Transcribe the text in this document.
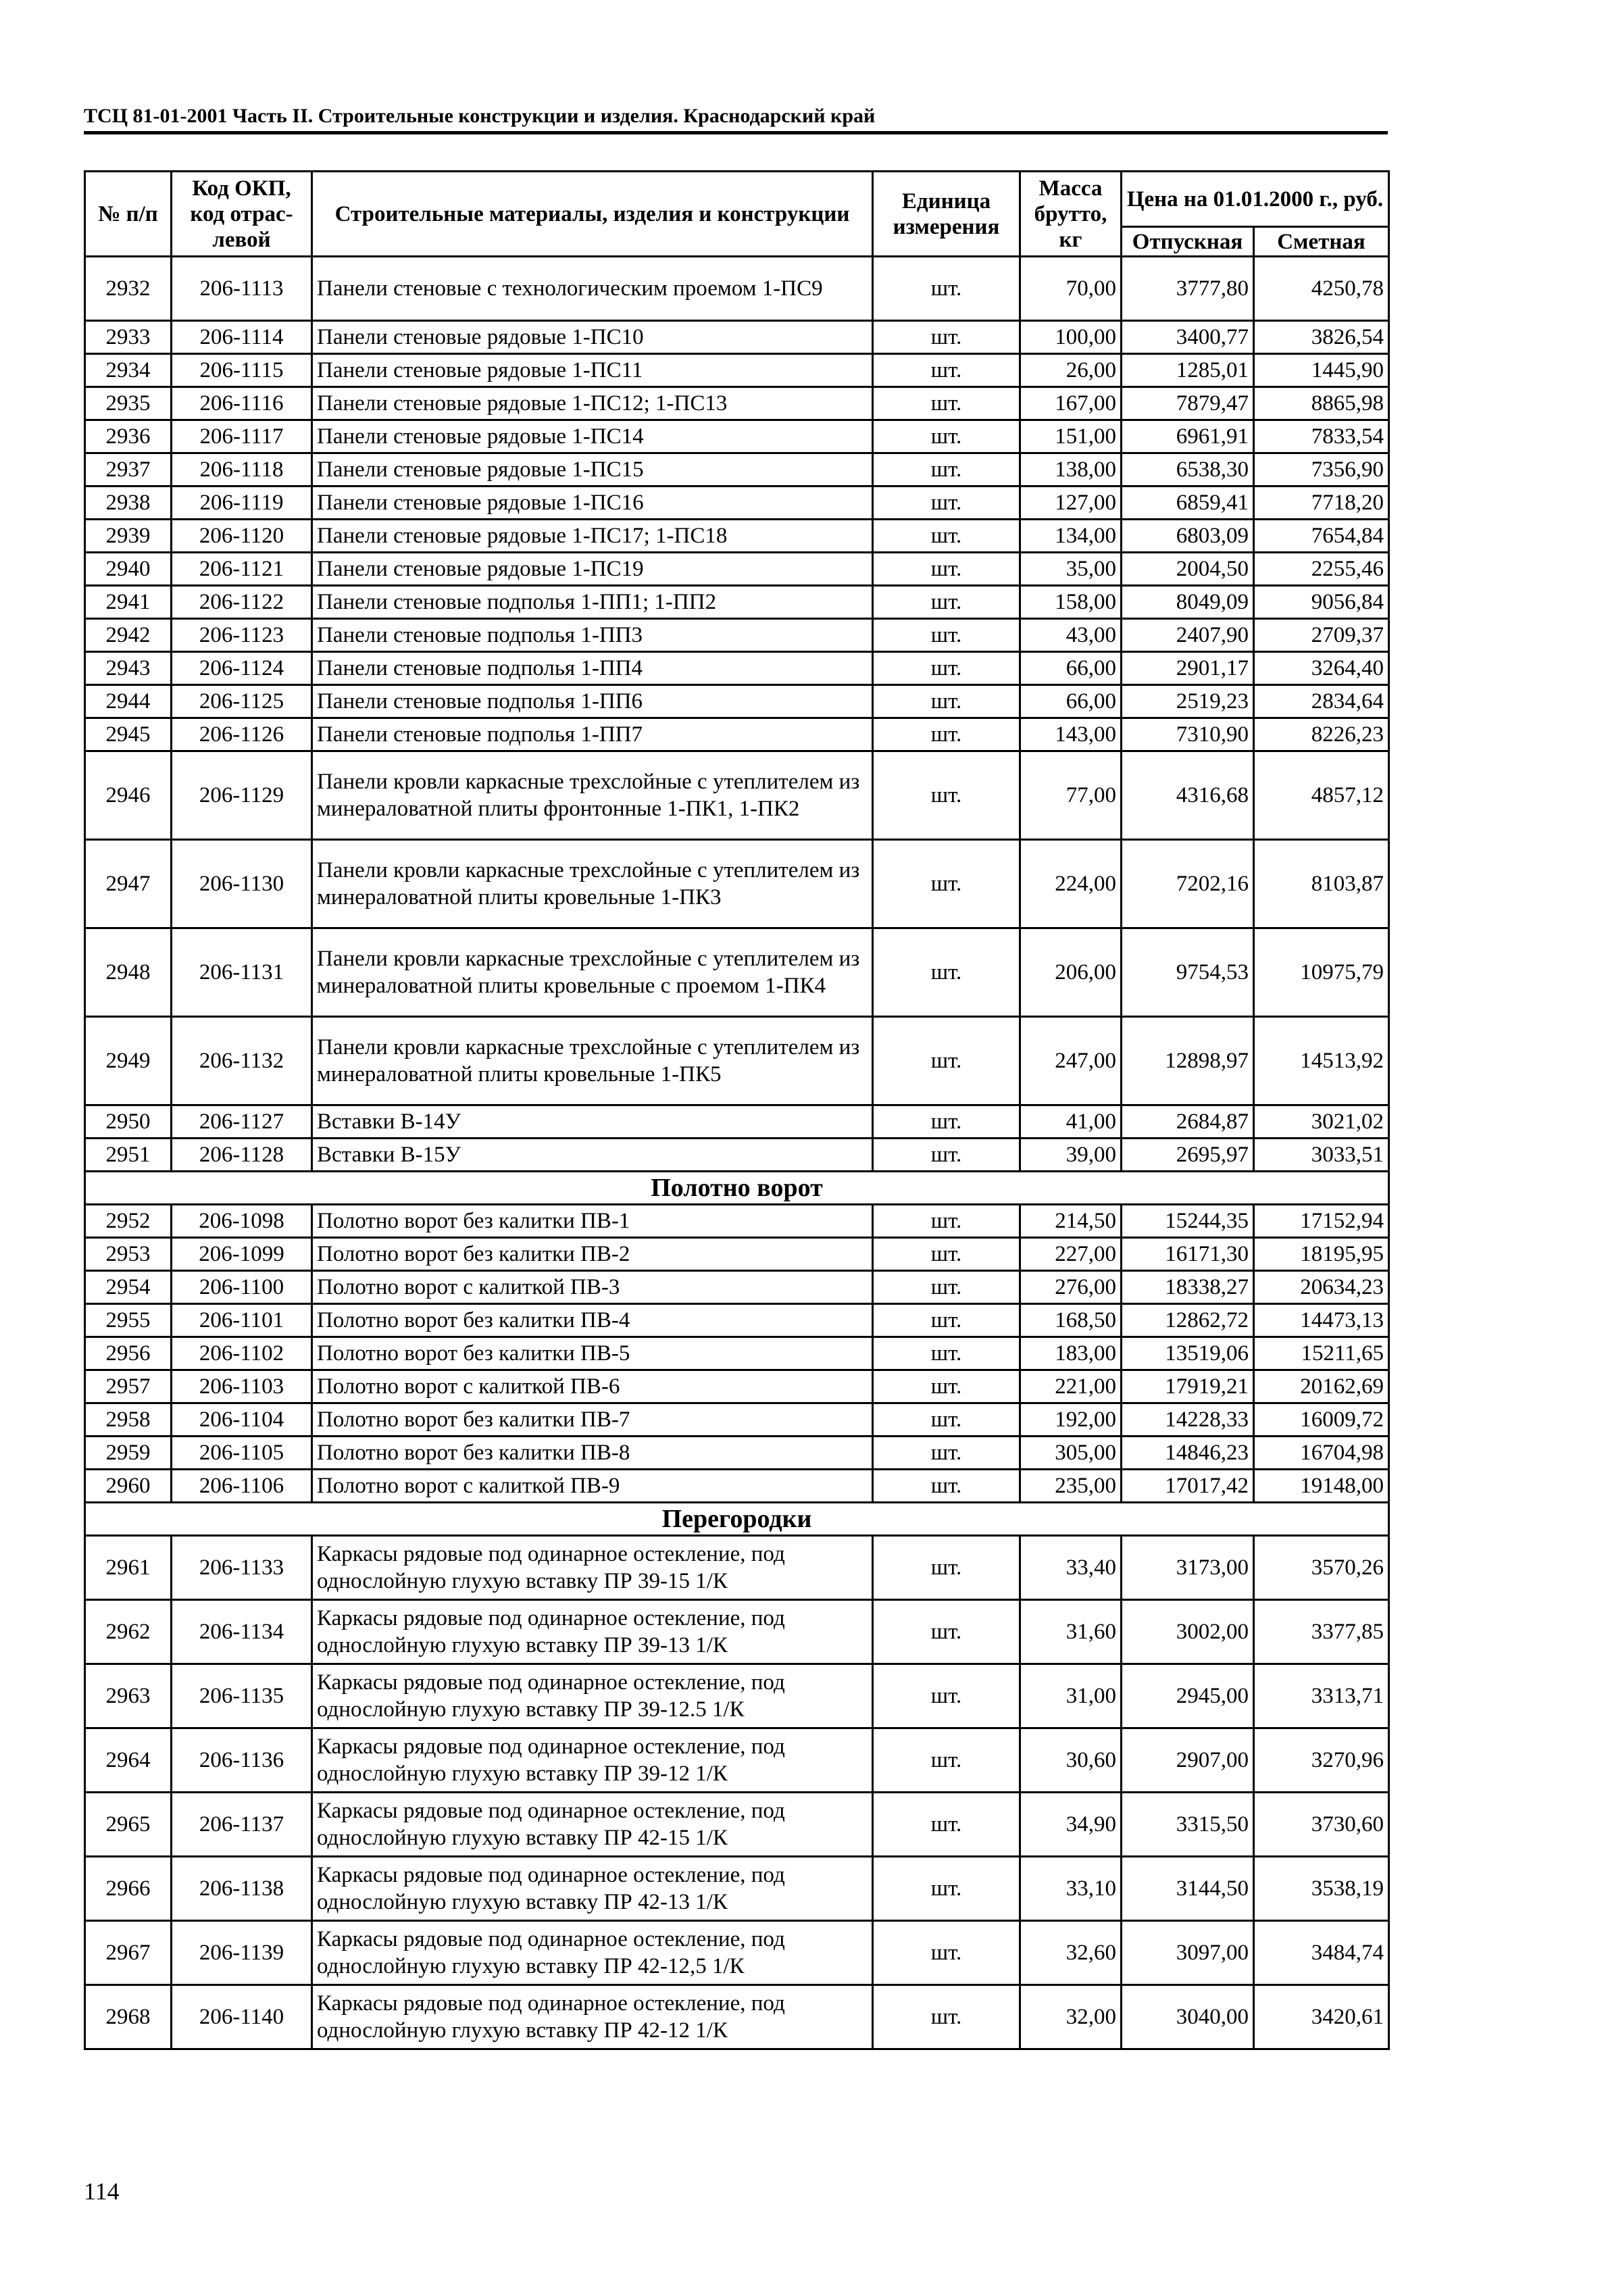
ТСЦ 81-01-2001 Часть II. Строительные конструкции и изделия. Краснодарский край
№ п/п	Код ОКП, код отрас-левой	Строительные материалы, изделия и конструкции	Единица измерения	Масса брутто, кг	Цена на 01.01.2000 г., руб.	
					Отпускная	Сметная
2932	206-1113	Панели стеновые с технологическим проемом 1-ПС9	шт.	70,00	3777,80	4250,78
2933	206-1114	Панели стеновые рядовые 1-ПС10	шт.	100,00	3400,77	3826,54
2934	206-1115	Панели стеновые рядовые 1-ПС11	шт.	26,00	1285,01	1445,90
2935	206-1116	Панели стеновые рядовые 1-ПС12; 1-ПС13	шт.	167,00	7879,47	8865,98
2936	206-1117	Панели стеновые рядовые 1-ПС14	шт.	151,00	6961,91	7833,54
2937	206-1118	Панели стеновые рядовые 1-ПС15	шт.	138,00	6538,30	7356,90
2938	206-1119	Панели стеновые рядовые 1-ПС16	шт.	127,00	6859,41	7718,20
2939	206-1120	Панели стеновые рядовые 1-ПС17; 1-ПС18	шт.	134,00	6803,09	7654,84
2940	206-1121	Панели стеновые рядовые 1-ПС19	шт.	35,00	2004,50	2255,46
2941	206-1122	Панели стеновые подполья 1-ПП1; 1-ПП2	шт.	158,00	8049,09	9056,84
2942	206-1123	Панели стеновые подполья 1-ПП3	шт.	43,00	2407,90	2709,37
2943	206-1124	Панели стеновые подполья 1-ПП4	шт.	66,00	2901,17	3264,40
2944	206-1125	Панели стеновые подполья 1-ПП6	шт.	66,00	2519,23	2834,64
2945	206-1126	Панели стеновые подполья 1-ПП7	шт.	143,00	7310,90	8226,23
2946	206-1129	Панели кровли каркасные трехслойные с утеплителем из минераловатной плиты фронтонные 1-ПК1, 1-ПК2	шт.	77,00	4316,68	4857,12
2947	206-1130	Панели кровли каркасные трехслойные с утеплителем из минераловатной плиты кровельные 1-ПК3	шт.	224,00	7202,16	8103,87
2948	206-1131	Панели кровли каркасные трехслойные с утеплителем из минераловатной плиты кровельные с проемом 1-ПК4	шт.	206,00	9754,53	10975,79
2949	206-1132	Панели кровли каркасные трехслойные с утеплителем из минераловатной плиты кровельные 1-ПК5	шт.	247,00	12898,97	14513,92
2950	206-1127	Вставки В-14У	шт.	41,00	2684,87	3021,02
2951	206-1128	Вставки В-15У	шт.	39,00	2695,97	3033,51
Полотно ворот						
2952	206-1098	Полотно ворот без калитки ПВ-1	шт.	214,50	15244,35	17152,94
2953	206-1099	Полотно ворот без калитки ПВ-2	шт.	227,00	16171,30	18195,95
2954	206-1100	Полотно ворот с калиткой ПВ-3	шт.	276,00	18338,27	20634,23
2955	206-1101	Полотно ворот без калитки ПВ-4	шт.	168,50	12862,72	14473,13
2956	206-1102	Полотно ворот без калитки ПВ-5	шт.	183,00	13519,06	15211,65
2957	206-1103	Полотно ворот с калиткой ПВ-6	шт.	221,00	17919,21	20162,69
2958	206-1104	Полотно ворот без калитки ПВ-7	шт.	192,00	14228,33	16009,72
2959	206-1105	Полотно ворот без калитки ПВ-8	шт.	305,00	14846,23	16704,98
2960	206-1106	Полотно ворот с калиткой ПВ-9	шт.	235,00	17017,42	19148,00
Перегородки						
2961	206-1133	Каркасы рядовые под одинарное остекление, под однослойную глухую вставку ПР 39-15 1/К	шт.	33,40	3173,00	3570,26
2962	206-1134	Каркасы рядовые под одинарное остекление, под однослойную глухую вставку ПР 39-13 1/К	шт.	31,60	3002,00	3377,85
2963	206-1135	Каркасы рядовые под одинарное остекление, под однослойную глухую вставку ПР 39-12.5 1/К	шт.	31,00	2945,00	3313,71
2964	206-1136	Каркасы рядовые под одинарное остекление, под однослойную глухую вставку ПР 39-12 1/К	шт.	30,60	2907,00	3270,96
2965	206-1137	Каркасы рядовые под одинарное остекление, под однослойную глухую вставку ПР 42-15 1/К	шт.	34,90	3315,50	3730,60
2966	206-1138	Каркасы рядовые под одинарное остекление, под однослойную глухую вставку ПР 42-13 1/К	шт.	33,10	3144,50	3538,19
2967	206-1139	Каркасы рядовые под одинарное остекление, под однослойную глухую вставку ПР 42-12,5 1/К	шт.	32,60	3097,00	3484,74
2968	206-1140	Каркасы рядовые под одинарное остекление, под однослойную глухую вставку ПР 42-12 1/К	шт.	32,00	3040,00	3420,61
114
